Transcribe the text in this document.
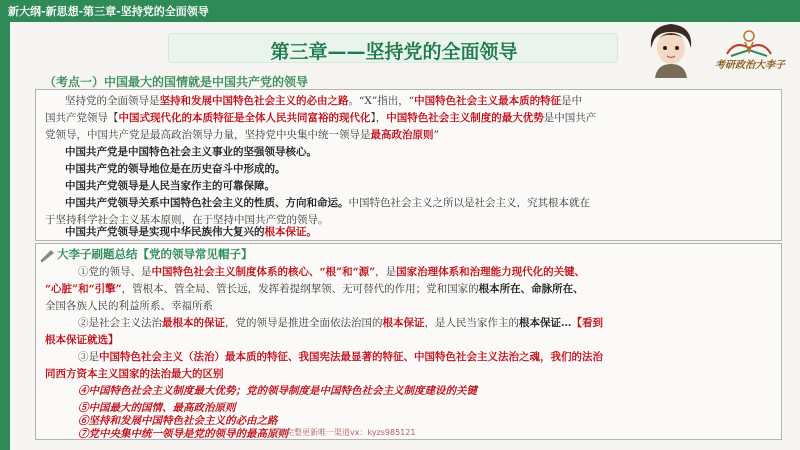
新大纲-新思想-第三章-坚持党的全面领导
第三章——坚持党的全面领导
考研政治大李子
（考点一）中国最大的国情就是中国共产党的领导
坚持党的全面领导是坚持和发展中国特色社会主义的必由之路。“X”指出，“中国特色社会主义最本质的特征是中
国共产党领导【中国式现代化的本质特征是全体人民共同富裕的现代化】，中国特色社会主义制度的最大优势是中国共产
党领导，中国共产党是最高政治领导力量，坚持党中央集中统一领导是最高政治原则”
中国共产党是中国特色社会主义事业的坚强领导核心。
中国共产党的领导地位是在历史奋斗中形成的。
中国共产党领导是人民当家作主的可靠保障。
中国共产党领导关系中国特色社会主义的性质、方向和命运。中国特色社会主义之所以是社会主义，究其根本就在
于坚持科学社会主义基本原则，在于坚持中国共产党的领导。
中国共产党领导是实现中华民族伟大复兴的根本保证。
大李子刷题总结【党的领导常见帽子】
①党的领导、是中国特色社会主义制度体系的核心、“根”和“源”，是国家治理体系和治理能力现代化的关键、
“心脏”和“引擎”，管根本、管全局、管长远，发挥着提纲挈领、无可替代的作用；党和国家的根本所在、命脉所在、
全国各族人民的利益所系、幸福所系
②是社会主义法治最根本的保证，党的领导是推进全面依法治国的根本保证，是人民当家作主的根本保证…【看到
根本保证就选】
③是中国特色社会主义（法治）最本质的特征、我国宪法最显著的特征、中国特色社会主义法治之魂，我们的法治
同西方资本主义国家的法治最大的区别
④中国特色社会主义制度最大优势；党的领导制度是中国特色社会主义制度建设的关键
⑤中国最大的国情、最高政治原则
⑥坚持和发展中国特色社会主义的必由之路
⑦党中央集中统一领导是党的领导的最高原则
后续完整更新唯一渠道vx：kyzs985121
